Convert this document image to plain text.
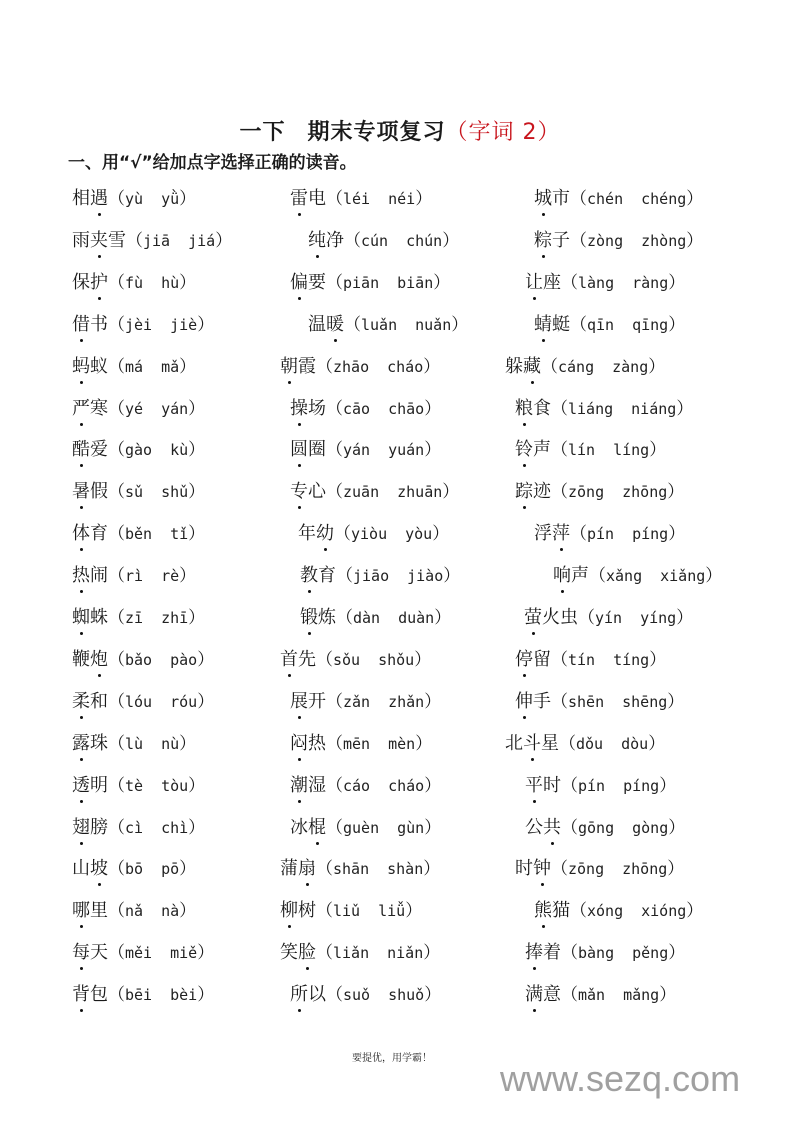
一下 期末专项复习（字词 2）
一、用“√”给加点字选择正确的读音。
相遇（yù yǜ）	雷电（léi néi）	城市（chén chéng）
雨夹雪（jiā jiá）	纯净（cún chún）	粽子（zòng zhòng）
保护（fù hù）	偏要（piān biān）	让座（làng ràng）
借书（jèi jiè）	温暖（luǎn nuǎn）	蜻蜓（qīn qīng）
蚂蚁（má mǎ）	朝霞（zhāo cháo）	躲藏（cáng zàng）
严寒（yé yán）	操场（cāo chāo）	粮食（liáng niáng）
酷爱（gào kù）	圆圈（yán yuán）	铃声（lín líng）
暑假（sǔ shǔ）	专心（zuān zhuān）	踪迹（zōng zhōng）
体育（běn tǐ）	年幼（yiòu yòu）	浮萍（pín píng）
热闹（rì rè）	教育（jiāo jiào）	响声（xǎng xiǎng）
蜘蛛（zī zhī）	锻炼（dàn duàn）	萤火虫（yín yíng）
鞭炮（bǎo pào）	首先（sǒu shǒu）	停留（tín tíng）
柔和（lóu róu）	展开（zǎn zhǎn）	伸手（shēn shēng）
露珠（lù nù）	闷热（mēn mèn）	北斗星（dǒu dòu）
透明（tè tòu）	潮湿（cáo cháo）	平时（pín píng）
翅膀（cì chì）	冰棍（guèn gùn）	公共（gōng gòng）
山坡（bō pō）	蒲扇（shān shàn）	时钟（zōng zhōng）
哪里（nǎ nà）	柳树（liǔ liǚ）	熊猫（xóng xióng）
每天（měi miě）	笑脸（liǎn niǎn）	捧着（bàng pěng）
背包（bēi bèi）	所以（suǒ shuǒ）	满意（mǎn mǎng）
要提优，用学霸！ www.sezq.com
